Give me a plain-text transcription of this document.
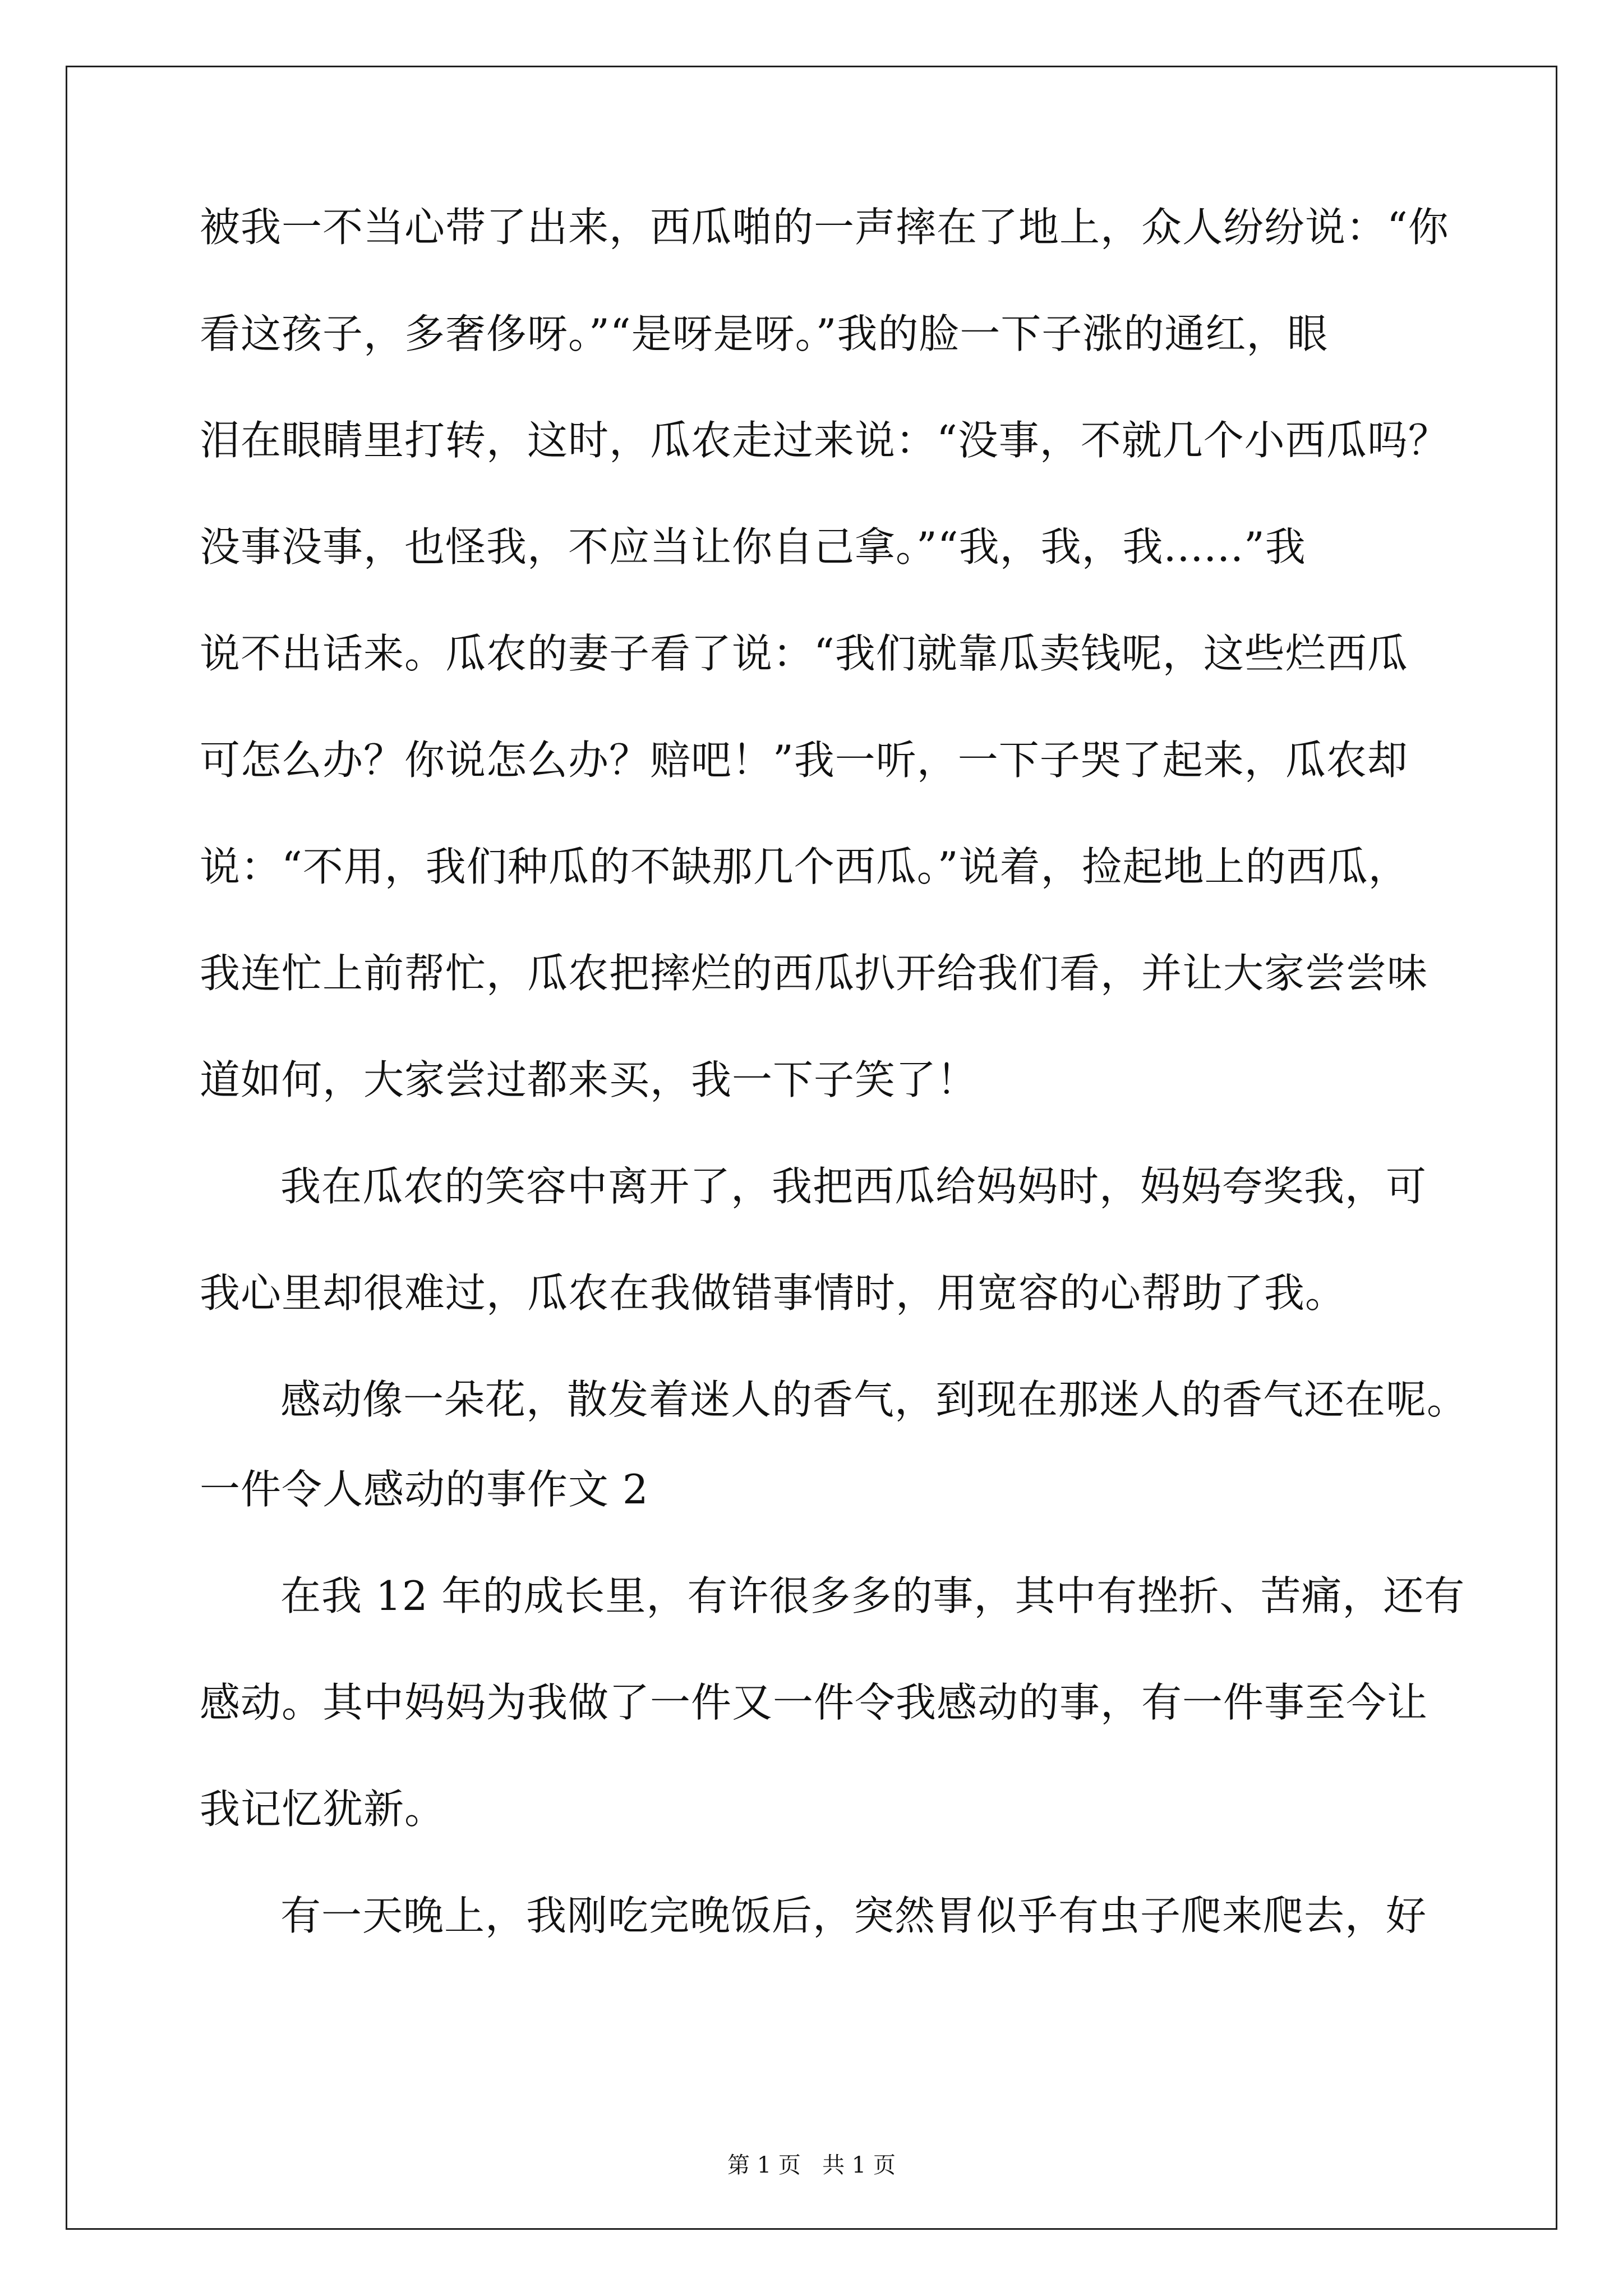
被我一不当心带了出来，西瓜啪的一声摔在了地上，众人纷纷说：“你
看这孩子，多奢侈呀。”“是呀是呀。”我的脸一下子涨的通红，眼
泪在眼睛里打转，这时，瓜农走过来说：“没事，不就几个小西瓜吗？
没事没事，也怪我，不应当让你自己拿。”“我，我，我......”我
说不出话来。瓜农的妻子看了说：“我们就靠瓜卖钱呢，这些烂西瓜
可怎么办？你说怎么办？赔吧！”我一听，一下子哭了起来，瓜农却
说：“不用，我们种瓜的不缺那几个西瓜。”说着，捡起地上的西瓜，
我连忙上前帮忙，瓜农把摔烂的西瓜扒开给我们看，并让大家尝尝味
道如何，大家尝过都来买，我一下子笑了！
我在瓜农的笑容中离开了，我把西瓜给妈妈时，妈妈夸奖我，可
我心里却很难过，瓜农在我做错事情时，用宽容的心帮助了我。
感动像一朵花，散发着迷人的香气，到现在那迷人的香气还在呢。
一件令人感动的事作文 2
在我 12 年的成长里，有许很多多的事，其中有挫折、苦痛，还有
感动。其中妈妈为我做了一件又一件令我感动的事，有一件事至今让
我记忆犹新。
有一天晚上，我刚吃完晚饭后，突然胃似乎有虫子爬来爬去，好
第 1 页   共 1 页
